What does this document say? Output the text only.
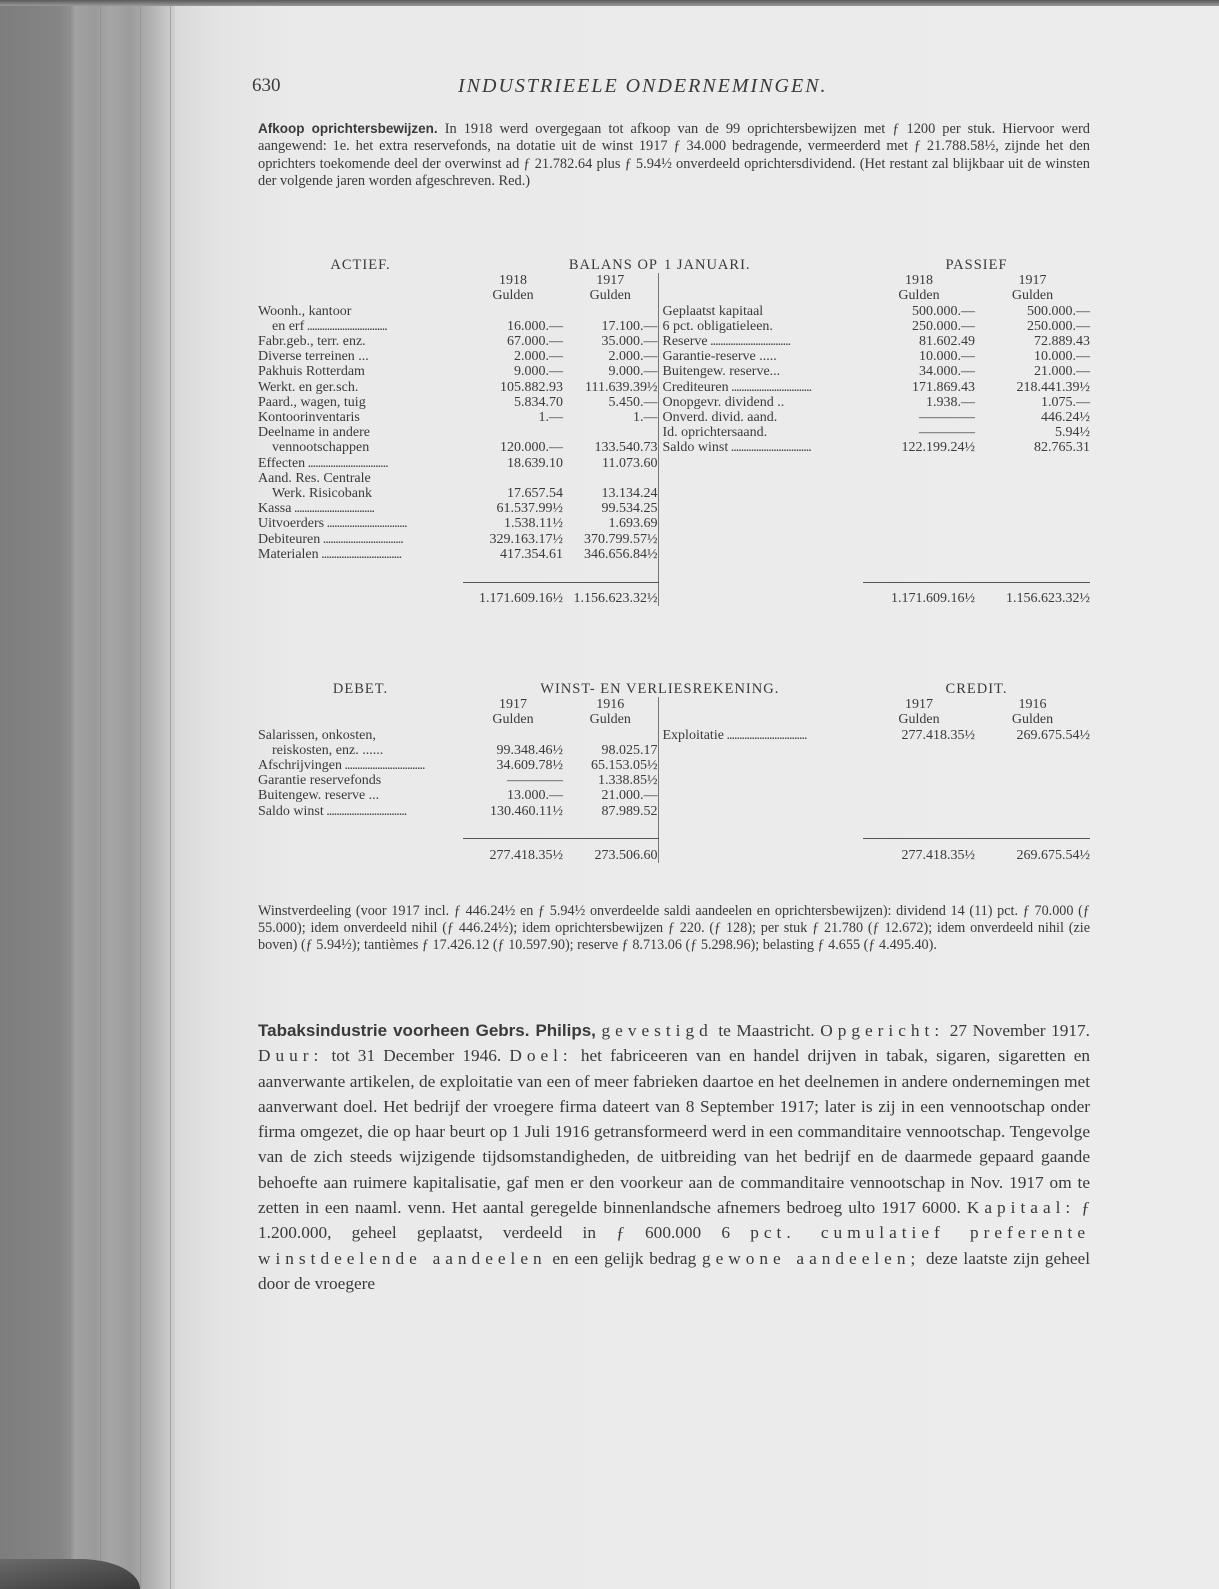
630	INDUSTRIEELE ONDERNEMINGEN.
Afkoop oprichtersbewijzen. In 1918 werd overgegaan tot afkoop van de 99 oprichtersbewijzen met ƒ 1200 per stuk. Hiervoor werd aangewend: 1e. het extra reservefonds, na dotatie uit de winst 1917 ƒ 34.000 bedragende, vermeerderd met ƒ 21.788.58½, zijnde het den oprichters toekomende deel der overwinst ad ƒ 21.782.64 plus ƒ 5.94½ onverdeeld oprichtersdividend. (Het restant zal blijkbaar uit de winsten der volgende jaren worden afgeschreven. Red.)
ACTIEF.	BALANS OP		1 JANUARI.	PASSIEF	
	1918	1917		1918	1917
	Gulden	Gulden		Gulden	Gulden
Woonh., kantoor			Geplaatst kapitaal	500.000.—	500.000.—
en erf .....	16.000.—	17.100.—	6 pct. obligatieleen.	250.000.—	250.000.—
Fabr.geb., terr. enz.	67.000.—	35.000.—	Reserve .....	81.602.49	72.889.43
Diverse terreinen ...	2.000.—	2.000.—	Garantie-reserve .....	10.000.—	10.000.—
Pakhuis Rotterdam	9.000.—	9.000.—	Buitengew. reserve...	34.000.—	21.000.—
Werkt. en ger.sch.	105.882.93	111.639.39½	Crediteuren .....	171.869.43	218.441.39½
Paard., wagen, tuig	5.834.70	5.450.—	Onopgevr. dividend ..	1.938.—	1.075.—
Kontoorinventaris	1.—	1.—	Onverd. divid. aand.	————	446.24½
Deelname in andere			Id. oprichtersaand.	————	5.94½
vennootschappen	120.000.—	133.540.73	Saldo winst .....	122.199.24½	82.765.31
Effecten .....	18.639.10	11.073.60			
Aand. Res. Centrale					
Werk. Risicobank	17.657.54	13.134.24			
Kassa .....	61.537.99½	99.534.25			
Uitvoerders .....	1.538.11½	1.693.69			
Debiteuren .....	329.163.17½	370.799.57½			
Materialen .....	417.354.61	346.656.84½			

	1.171.609.16½	1.156.623.32½		1.171.609.16½	1.156.623.32½
DEBET.	WINST- EN VER		LIESREKENING.	CREDIT.	
	1917	1916		1917	1916
	Gulden	Gulden		Gulden	Gulden
Salarissen, onkosten,			Exploitatie .....	277.418.35½	269.675.54½
reiskosten, enz. ......	99.348.46½	98.025.17			
Afschrijvingen .....	34.609.78½	65.153.05½			
Garantie reservefonds	————	1.338.85½			
Buitengew. reserve ...	13.000.—	21.000.—			
Saldo winst .....	130.460.11½	87.989.52			

	277.418.35½	273.506.60		277.418.35½	269.675.54½
Winstverdeeling (voor 1917 incl. ƒ 446.24½ en ƒ 5.94½ onverdeelde saldi aandeelen en oprichtersbewijzen): dividend 14 (11) pct. ƒ 70.000 (ƒ 55.000); idem onverdeeld nihil (ƒ 446.24½); idem oprichtersbewijzen ƒ 220. (ƒ 128); per stuk ƒ 21.780 (ƒ 12.672); idem onverdeeld nihil (zie boven) (ƒ 5.94½); tantièmes ƒ 17.426.12 (ƒ 10.597.90); reserve ƒ 8.713.06 (ƒ 5.298.96); belasting ƒ 4.655 (ƒ 4.495.40).
Tabaksindustrie voorheen Gebrs. Philips, gevestigd te Maastricht. Opgericht: 27 November 1917. Duur: tot 31 December 1946. Doel: het fabriceeren van en handel drijven in tabak, sigaren, sigaretten en aanverwante artikelen, de exploitatie van een of meer fabrieken daartoe en het deelnemen in andere ondernemingen met aanverwant doel. Het bedrijf der vroegere firma dateert van 8 September 1917; later is zij in een vennootschap onder firma omgezet, die op haar beurt op 1 Juli 1916 getransformeerd werd in een commanditaire vennootschap. Tengevolge van de zich steeds wijzigende tijdsomstandigheden, de uitbreiding van het bedrijf en de daarmede gepaard gaande behoefte aan ruimere kapitalisatie, gaf men er den voorkeur aan de commanditaire vennootschap in Nov. 1917 om te zetten in een naaml. venn. Het aantal geregelde binnenlandsche afnemers bedroeg ulto 1917 6000. Kapitaal: ƒ 1.200.000, geheel geplaatst, verdeeld in ƒ 600.000 6 pct. cumulatief preferente winstdeelende aandeelen en een gelijk bedrag gewone aandeelen; deze laatste zijn geheel door de vroegere
